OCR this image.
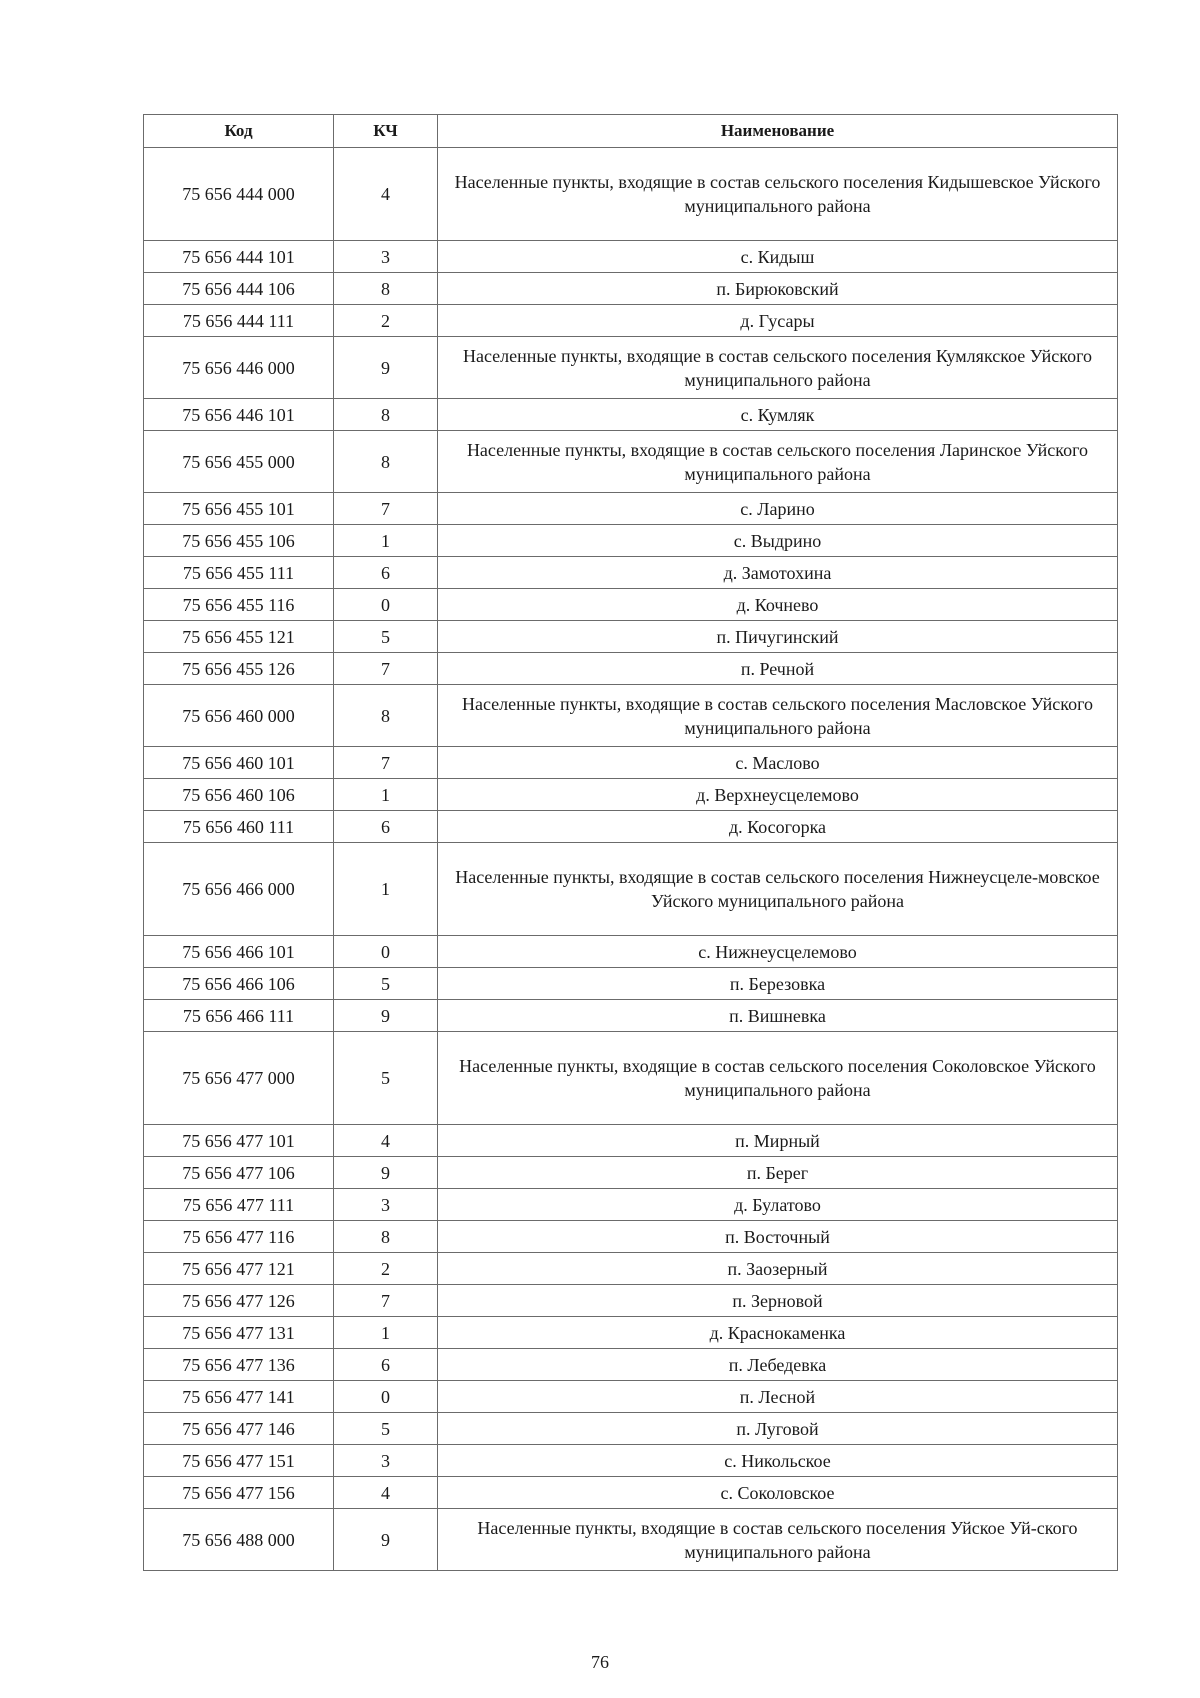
Код	КЧ	Наименование
75 656 444 000	4	Населенные пункты, входящие в состав сельского поселения Кидышевское Уйского муниципального района
75 656 444 101	3	с. Кидыш
75 656 444 106	8	п. Бирюковский
75 656 444 111	2	д. Гусары
75 656 446 000	9	Населенные пункты, входящие в состав сельского поселения Кумлякское Уйского муниципального района
75 656 446 101	8	с. Кумляк
75 656 455 000	8	Населенные пункты, входящие в состав сельского поселения Ларинское Уйского муниципального района
75 656 455 101	7	с. Ларино
75 656 455 106	1	с. Выдрино
75 656 455 111	6	д. Замотохина
75 656 455 116	0	д. Кочнево
75 656 455 121	5	п. Пичугинский
75 656 455 126	7	п. Речной
75 656 460 000	8	Населенные пункты, входящие в состав сельского поселения Масловское Уйского муниципального района
75 656 460 101	7	с. Маслово
75 656 460 106	1	д. Верхнеусцелемово
75 656 460 111	6	д. Косогорка
75 656 466 000	1	Населенные пункты, входящие в состав сельского поселения Нижнеусцеле-мовское Уйского муниципального района
75 656 466 101	0	с. Нижнеусцелемово
75 656 466 106	5	п. Березовка
75 656 466 111	9	п. Вишневка
75 656 477 000	5	Населенные пункты, входящие в состав сельского поселения Соколовское Уйского муниципального района
75 656 477 101	4	п. Мирный
75 656 477 106	9	п. Берег
75 656 477 111	3	д. Булатово
75 656 477 116	8	п. Восточный
75 656 477 121	2	п. Заозерный
75 656 477 126	7	п. Зерновой
75 656 477 131	1	д. Краснокаменка
75 656 477 136	6	п. Лебедевка
75 656 477 141	0	п. Лесной
75 656 477 146	5	п. Луговой
75 656 477 151	3	с. Никольское
75 656 477 156	4	с. Соколовское
75 656 488 000	9	Населенные пункты, входящие в состав сельского поселения Уйское Уй-ского муниципального района
76
